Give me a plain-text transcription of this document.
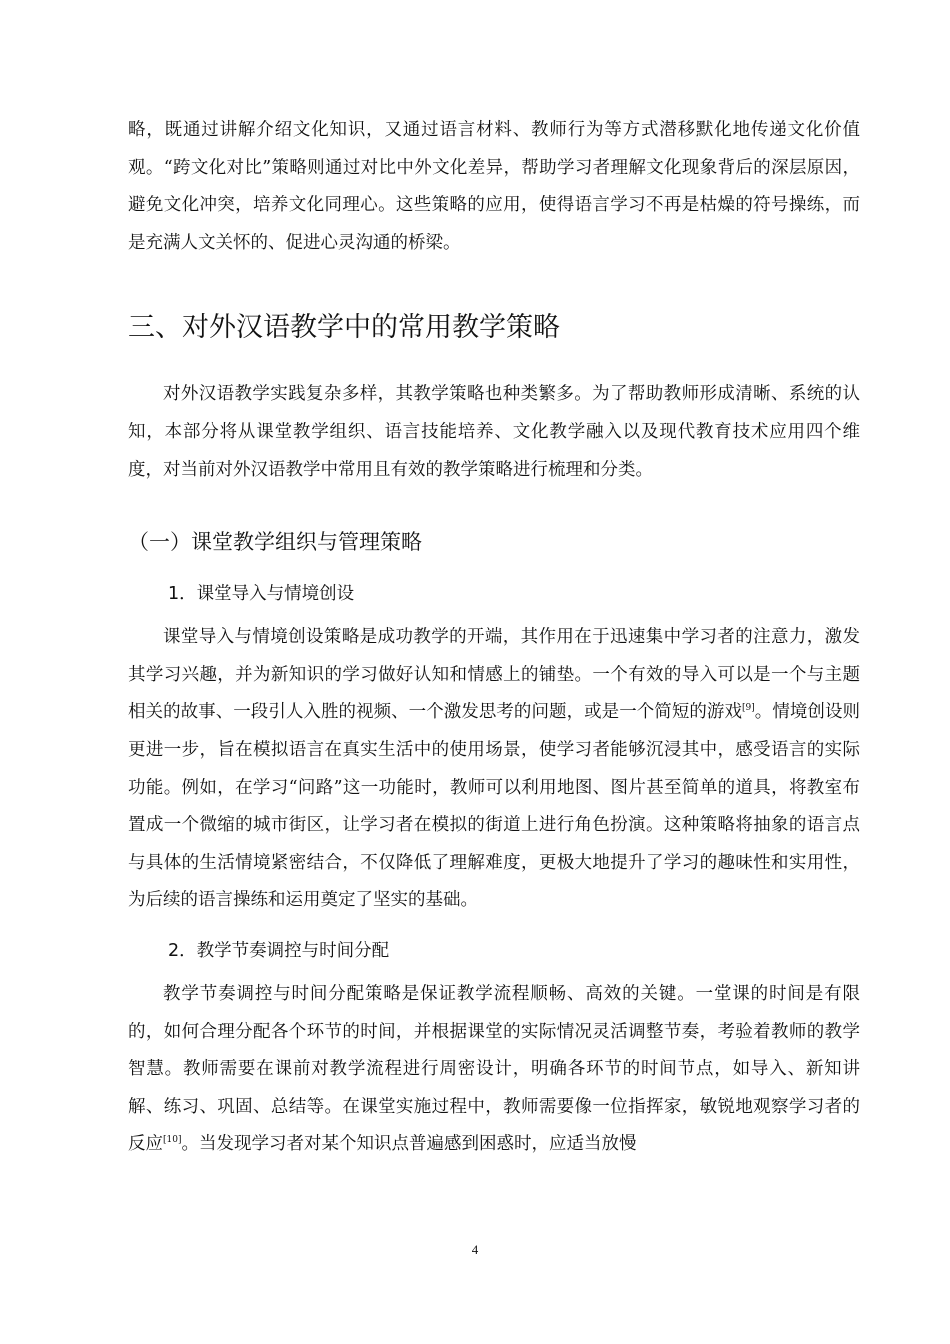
略，既通过讲解介绍文化知识，又通过语言材料、教师行为等方式潜移默化地传递文化价值观。“跨文化对比”策略则通过对比中外文化差异，帮助学习者理解文化现象背后的深层原因，避免文化冲突，培养文化同理心。这些策略的应用，使得语言学习不再是枯燥的符号操练，而是充满人文关怀的、促进心灵沟通的桥梁。

三、对外汉语教学中的常用教学策略

对外汉语教学实践复杂多样，其教学策略也种类繁多。为了帮助教师形成清晰、系统的认知，本部分将从课堂教学组织、语言技能培养、文化教学融入以及现代教育技术应用四个维度，对当前对外汉语教学中常用且有效的教学策略进行梳理和分类。

（一）课堂教学组织与管理策略
1．课堂导入与情境创设

课堂导入与情境创设策略是成功教学的开端，其作用在于迅速集中学习者的注意力，激发其学习兴趣，并为新知识的学习做好认知和情感上的铺垫。一个有效的导入可以是一个与主题相关的故事、一段引人入胜的视频、一个激发思考的问题，或是一个简短的游戏[9]。情境创设则更进一步，旨在模拟语言在真实生活中的使用场景，使学习者能够沉浸其中，感受语言的实际功能。例如，在学习“问路”这一功能时，教师可以利用地图、图片甚至简单的道具，将教室布置成一个微缩的城市街区，让学习者在模拟的街道上进行角色扮演。这种策略将抽象的语言点与具体的生活情境紧密结合，不仅降低了理解难度，更极大地提升了学习的趣味性和实用性，为后续的语言操练和运用奠定了坚实的基础。

2．教学节奏调控与时间分配

教学节奏调控与时间分配策略是保证教学流程顺畅、高效的关键。一堂课的时间是有限的，如何合理分配各个环节的时间，并根据课堂的实际情况灵活调整节奏，考验着教师的教学智慧。教师需要在课前对教学流程进行周密设计，明确各环节的时间节点，如导入、新知讲解、练习、巩固、总结等。在课堂实施过程中，教师需要像一位指挥家，敏锐地观察学习者的反应[10]。当发现学习者对某个知识点普遍感到困惑时，应适当放慢

4
